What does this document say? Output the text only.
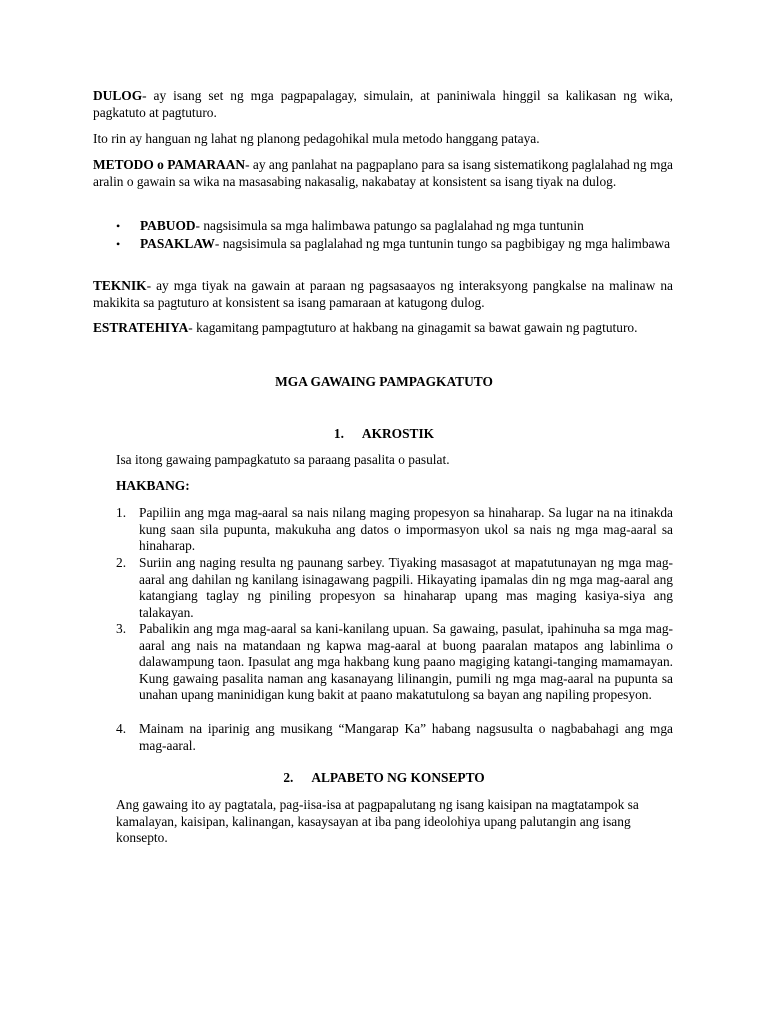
DULOG- ay isang set ng mga pagpapalagay, simulain, at paniniwala hinggil sa kalikasan ng wika, pagkatuto at pagtuturo.

Ito rin ay hanguan ng lahat ng planong pedagohikal mula metodo hanggang pataya.

METODO o PAMARAAN- ay ang panlahat na pagpaplano para sa isang sistematikong paglalahad ng mga aralin o gawain sa wika na masasabing nakasalig, nakabatay at konsistent sa isang tiyak na dulog.

• PABUOD- nagsisimula sa mga halimbawa patungo sa paglalahad ng mga tuntunin
• PASAKLAW- nagsisimula sa paglalahad ng mga tuntunin tungo sa pagbibigay ng mga halimbawa

TEKNIK- ay mga tiyak na gawain at paraan ng pagsasaayos ng interaksyong pangkalse na malinaw na makikita sa pagtuturo at konsistent sa isang pamaraan at katugong dulog.

ESTRATEHIYA- kagamitang pampagtuturo at hakbang na ginagamit sa bawat gawain ng pagtuturo.

MGA GAWAING PAMPAGKATUTO

1. AKROSTIK

Isa itong gawaing pampagkatuto sa paraang pasalita o pasulat.

HAKBANG:

1. Papiliin ang mga mag-aaral sa nais nilang maging propesyon sa hinaharap. Sa lugar na na itinakda kung saan sila pupunta, makukuha ang datos o impormasyon ukol sa nais ng mga mag-aaral sa hinaharap.
2. Suriin ang naging resulta ng paunang sarbey. Tiyaking masasagot at mapatutunayan ng mga mag-aaral ang dahilan ng kanilang isinagawang pagpili. Hikayating ipamalas din ng mga mag-aaral ang katangiang taglay ng piniling propesyon sa hinaharap upang mas maging kasiya-siya ang talakayan.
3. Pabalikin ang mga mag-aaral sa kani-kanilang upuan. Sa gawaing, pasulat, ipahinuha sa mga mag-aaral ang nais na matandaan ng kapwa mag-aaral at buong paaralan matapos ang labinlima o dalawampung taon. Ipasulat ang mga hakbang kung paano magiging katangi-tanging mamamayan. Kung gawaing pasalita naman ang kasanayang lilinangin, pumili ng mga mag-aaral na pupunta sa unahan upang maninidigan kung bakit at paano makatutulong sa bayan ang napiling propesyon.
4. Mainam na iparinig ang musikang “Mangarap Ka” habang nagsusulta o nagbabahagi ang mga mag-aaral.

2. ALPABETO NG KONSEPTO

Ang gawaing ito ay pagtatala, pag-iisa-isa at pagpapalutang ng isang kaisipan na magtatampok sa kamalayan, kaisipan, kalinangan, kasaysayan at iba pang ideolohiya upang palutangin ang isang konsepto.
